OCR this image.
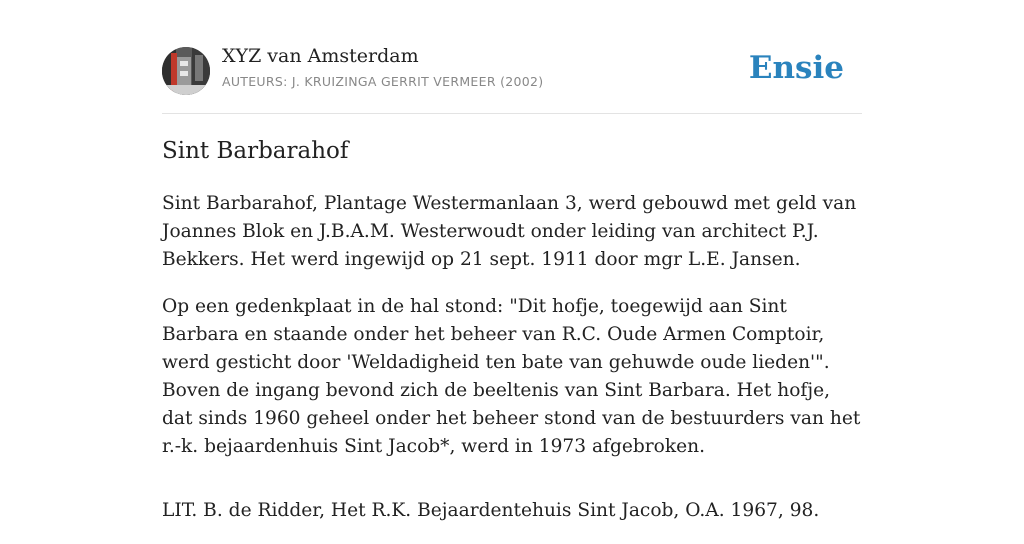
XYZ van Amsterdam
AUTEURS: J. KRUIZINGA GERRIT VERMEER (2002)	Ensie
Sint Barbarahof

Sint Barbarahof, Plantage Westermanlaan 3, werd gebouwd met geld van Joannes Blok en J.B.A.M. Westerwoudt onder leiding van architect P.J. Bekkers. Het werd ingewijd op 21 sept. 1911 door mgr L.E. Jansen.

Op een gedenkplaat in de hal stond: "Dit hofje, toegewijd aan Sint Barbara en staande onder het beheer van R.C. Oude Armen Comptoir, werd gesticht door 'Weldadigheid ten bate van gehuwde oude lieden'". Boven de ingang bevond zich de beeltenis van Sint Barbara. Het hofje, dat sinds 1960 geheel onder het beheer stond van de bestuurders van het r.-k. bejaardenhuis Sint Jacob*, werd in 1973 afgebroken.

LIT. B. de Ridder, Het R.K. Bejaardentehuis Sint Jacob, O.A. 1967, 98.
